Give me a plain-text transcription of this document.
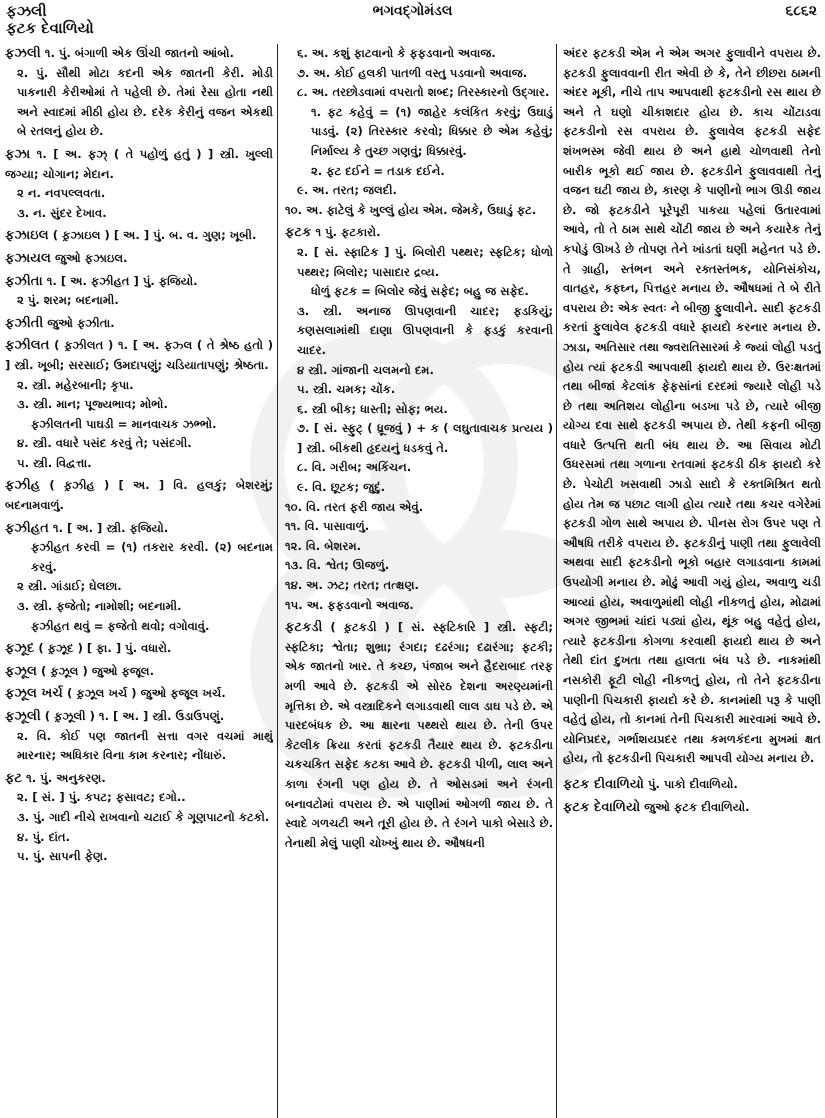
ફઝલી
ફટક દેવાળિયો
ભગવદ્ગોમંડલ	૬૮૬૨
ફઝલી ૧. પું. બંગાળી એક ઊંચી જાતનો આંબો.
૨. પું. સૌથી મોટા કદની એક જાતની કેરી. મોડી પાકનારી કેરીઓમાં તે પહેલી છે. તેમાં રેસા હોતા નથી અને સ્વાદમાં મીઠી હોય છે. દરેક કેરીનું વજન એકથી બે રતલનું હોય છે.
ફઝા ૧. [ અ. ફઝ્‌ ( તે પહોળું હતું ) ] સ્ત્રી. ખુલ્લી જગ્યા; ચોગાન; મેદાન.
૨ ન. નવપલ્લવતા.
૩. ન. સુંદર દેખાવ.
ફઝાઇલ ( ફ઼ઝાઇલ ) [ અ. ] પું. બ. વ. ગુણ; ખૂબી.
ફઝાયલ જુઓ ફઝાઇલ.
ફઝીતા ૧. [ અ. ફઝીહત ] પું. ફજિયો.
૨ પું. શરમ; બદનામી.
ફઝીતી જુઓ ફઝીતા.
ફઝીલત ( ફ઼ઝીલત ) ૧. [ અ. ફઝ્લ ( તે શ્રેષ્ઠ હતો ) ] સ્ત્રી. ખૂબી; સરસાઈ; ઉમદાપણું; ચડિયાતાપણું; શ્રેષ્ઠતા.
૨. સ્ત્રી. મહેરબાની; કૃપા.
૩. સ્ત્રી. માન; પૂજ્યભાવ; મોભો.
ફઝીલતની પાઘડી = માનવાચક ઝભ્ભો.
૪. સ્ત્રી. વધારે પસંદ કરવું તે; પસંદગી.
૫. સ્ત્રી. વિદ્વત્તા.
ફઝીહ ( ફ઼ઝીહ ) [ અ. ] વિ. હલકું; બેશરમું; બદનામવાળું.
ફઝીહત ૧. [ અ. ] સ્ત્રી. ફજિયો.
ફઝીહત કરવી = (૧) તકરાર કરવી. (૨) બદનામ કરવું.
૨ સ્ત્રી. ગાંડાઈ; ઘેલછા.
૩. સ્ત્રી. ફજેતો; નામોશી; બદનામી.
ફઝીહત થવું = ફજેતો થવો; વગોવાવું.
ફઝૂદ ( ફ઼ઝૂદ ) [ ફા. ] પું. વધારો.
ફઝૂલ ( ફ઼ઝૂલ ) જુઓ ફજૂલ.
ફઝૂલ ખર્ચ ( ફ઼ઝૂલ ખર્ચ ) જુઓ ફજૂલ ખર્ચ.
ફઝૂલી ( ફ઼ઝૂલી ) ૧. [ અ. ] સ્ત્રી. ઉડાઉપણું.
૨. વિ. કોઈ પણ જાતની સત્તા વગર વચમાં માથું મારનાર; અધિકાર વિના કામ કરનાર; નોંધારું.
ફટ ૧. પું. અનુકરણ.
૨. [ સં. ] પું. કપટ; ફસાવટ; દગો..
૩. પું. ગાદી નીચે રાખવાનો ચટાઈ કે ગૂણપાટનો કટકો.
૪. પું. દાંત.
૫. પું. સાપની ફેણ.
૬. અ. કશું ફાટવાનો કે ફફડવાનો અવાજ.
૭. અ. કોઈ હલકી પાતળી વસ્તુ પડવાનો અવાજ.
૮. અ. તરછોડવામાં વપરાતો શબ્દ; તિરસ્કારનો ઉદ્ગાર.
૧. ફટ કહેવું = (૧) જાહેર કલંકિત કરવું; ઉઘાડું પાડવું. (૨) તિરસ્કાર કરવો; ધિક્કાર છે એમ કહેવું; નિર્માલ્ય કે તુચ્છ ગણવું; ધિક્કારવું.
૨. ફટ દઈને = તડાક દઈને.
૯. અ. તરત; જલદી.
૧૦. અ. ફાટેલું કે ખુલ્લું હોય એમ. જેમકે, ઉઘાડું ફટ.
ફટક ૧ પું. ફટકારો.
૨. [ સં. સ્ફાટિક ] પું. બિલોરી પથ્થર; સ્ફટિક; ધોળો પથ્થર; બિલોર; પાસાદાર દ્રવ્ય.
ધોળું ફટક = બિલોર જેવું સફેદ; બહુ જ સફેદ.
૩. સ્ત્રી. અનાજ ઊપણવાની ચાદર; ફડકિયું; કણસલામાંથી દાણા ઊપણવાની કે ફડકું કરવાની ચાદર.
૪ સ્ત્રી. ગાંજાની ચલમનો દમ.
૫. સ્ત્રી. ચમક; ચોંક.
૬. સ્ત્રી બીક; ધાસ્તી; સોફ; ભય.
૭. [ સં. સ્ફુટ્ ( ધ્રૂજવું ) + ક ( લઘુતાવાચક પ્રત્યય ) ] સ્ત્રી. બીકથી હૃદયનું ધડકવું તે.
૮. વિ. ગરીબ; અકિંચન.
૯. વિ. છૂટક; જુદું.
૧૦. વિ. તરત ફરી જાય એવું.
૧૧. વિ. પાસાવાળું.
૧૨. વિ. બેશરમ.
૧૩. વિ. શ્વેત; ઊજળું.
૧૪. અ. ઝટ; તરત; તત્ક્ષણ.
૧૫. અ. ફફડવાનો અવાજ.
ફટકડી ( ફ઼ટકડી ) [ સં. સ્ફટિકારિ ] સ્ત્રી. સ્ફટી; સ્ફટિકા; શ્વેતા; શુભ્રા; રંગદા; દઢરંગા; દઢારંગા; ફટકી; એક જાતનો ખાર. તે કચ્છ, પંજાબ અને હૈદરાબાદ તરફ મળી આવે છે. ફટકડી એ સોરઠ દેશના અરણ્યમાંની મૃત્તિકા છે. એ વસ્ત્રાદિકને લગાડવાથી લાલ ડાઘ પડે છે. એ પારદબંધક છે. આ ક્ષારના પથ્થરો થાય છે. તેની ઉપર કેટલીક ક્રિયા કરતાં ફટકડી તૈયાર થાય છે. ફટકડીના ચકચકિત સફેદ કટકા આવે છે. ફટકડી પીળી, લાલ અને કાળા રંગની પણ હોય છે. તે ઓસડમાં અને રંગની બનાવટોમાં વપરાય છે. એ પાણીમાં ઓગળી જાય છે. તે સ્વાદે ગળચટી અને તૂરી હોય છે. તે રંગને પાકો બેસાડે છે. તેનાથી મેલું પાણી ચોખ્ખું થાય છે. ઔષધની

અંદર ફટકડી એમ ને એમ અગર ફુલાવીને વપરાય છે. ફટકડી ફુલાવવાની રીત એવી છે કે, તેને છીછરા ઠામની અંદર મૂકી, નીચે તાપ આપવાથી ફટકડીનો રસ થાય છે અને તે ઘણો ચીકાશદાર હોય છે. કાચ ચોંટાડવા ફટકડીનો રસ વપરાય છે. ફુલાવેલ ફટકડી સફેદ શંખભસ્મ જેવી થાય છે અને હાથે ચોળવાથી તેનો બારીક ભૂકો થઈ જાય છે. ફટકડીને ફુલાવવાથી તેનું વજન ઘટી જાય છે, કારણ કે પાણીનો ભાગ ઊડી જાય છે. જો ફટકડીને પૂરેપૂરી પાકયા પહેલાં ઉતારવામાં આવે, તો તે ઠામ સાથે ચોંટી જાય છે અને કયારેક તેનું કપોડું ઊખડે છે તોપણ તેને ખાંડતાં ઘણી મહેનત પડે છે. તે ગ્રાહી, સ્તંભન અને રક્તસ્તંભક, યોનિસંકોચ, વાતહર, કફઘ્ન, પિત્તહર મનાય છે. ઔષધમાં તે બે રીતે વપરાય છે: એક સ્વતઃ ને બીજી ફુલાવીને. સાદી ફટકડી કરતાં ફુલાવેલ ફટકડી વધારે ફાયદો કરનાર મનાય છે. ઝાડા, અતિસાર તથા જ્વરાતિસારમાં કે જ્યાં લોહી પડતું હોય ત્યાં ફટકડી આપવાથી ફાયદો થાય છે. ઉરઃક્ષતમાં તથા બીજાં કેટલાંક ફેફસાંનાં દરદમાં જ્યારે લોહી પડે છે તથા અતિશય લોહીના બડખા પડે છે, ત્યારે બીજી યોગ્ય દવા સાથે ફટકડી અપાય છે. તેથી કફની બીજી વધારે ઉત્પત્તિ થતી બંધ થાય છે. આ સિવાય મોટી ઉધરસમાં તથા ગળાના રતવામાં ફટકડી ઠીક ફાયદો કરે છે. પેચોટી ખસવાથી ઝાડો સાદો કે રક્તમિશ્રિત થતો હોય તેમ જ પછાટ લાગી હોય ત્યારે તથા કચર વગેરેમાં ફટકડી ગોળ સાથે અપાય છે. પીનસ રોગ ઉપર પણ તે ઔષધિ તરીકે વપરાય છે. ફટકડીનું પાણી તથા ફુલાવેલી અથવા સાદી ફટકડીનો ભૂકો બહાર લગાડવાના કામમાં ઉપયોગી મનાય છે. મોઢું આવી ગયું હોય, અવાળુ ચડી આવ્યાં હોય, અવાળુમાંથી લોહી નીકળતું હોય, મોઢામાં અગર જીભમાં ચાંદાં પડ્યાં હોય, થૂંક બહુ વહેતું હોય, ત્યારે ફટકડીના કોગળા કરવાથી ફાયદો થાય છે અને તેથી દાંત દુખતા તથા હાલતા બંધ પડે છે. નાકમાંથી નસકોરી ફૂટી લોહી નીકળતું હોય, તો તેને ફટકડીના પાણીની પિચકારી ફાયદો કરે છે. કાનમાંથી પરૂ કે પાણી વહેતું હોય, તો કાનમાં તેની પિચકારી મારવામાં આવે છે. યોનિપ્રદર, ગર્ભાશયપ્રદર તથા કમળકંદના મુખમાં ક્ષત હોય, તો ફટકડીની પિચકારી આપવી યોગ્ય મનાય છે.

ફટક દીવાળિયો પું. પાકો દીવાળિયો.
ફટક દેવાળિયો જુઓ ફટક દીવાળિયો.
